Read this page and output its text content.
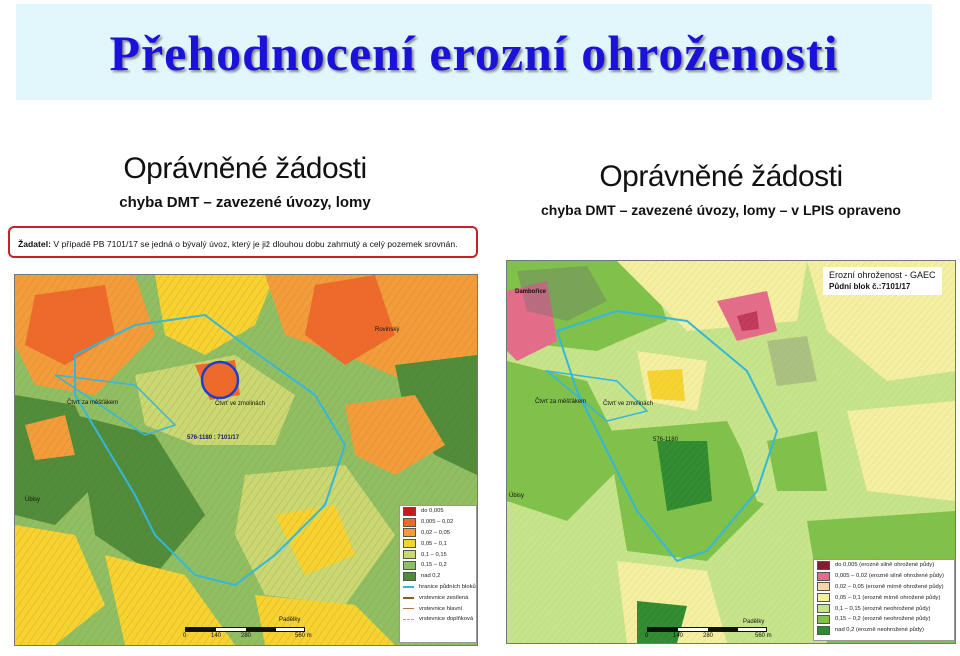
Přehodnocení erozní ohroženosti
Oprávněné žádosti
chyba DMT – zavezené úvozy, lomy
Žadatel: V případě PB 7101/17 se jedná o bývalý úvoz, který je již dlouhou dobu zahrnutý a celý pozemek srovnán.
576-1180 : 7101/17
Čtvrť za měšťákem	Čtvrť ve zmolinách
Úbisy
Padělky
Rovinský
0	140	280	560 m
do 0,005
0,005 – 0,02
0,02 – 0,05
0,05 – 0,1
0,1 – 0,15
0,15 – 0,2
nad 0,2
hranice půdních bloků
vrstevnice zesílená
vrstevnice hlavní
vrstevnice doplňková
Oprávněné žádosti
chyba DMT – zavezené úvozy, lomy – v LPIS opraveno
Dambořice
Čtvrť za měšťákem	Čtvrť ve zmolinách
Padělky
Úbisy
576-1180
0	140	280	560 m
Erozní ohroženost - GAEC
Půdní blok č.:7101/17
do 0,005 (erozně silně ohrožené půdy)
0,005 – 0,02 (erozně silně ohrožené půdy)
0,02 – 0,05 (erozně mírně ohrožené půdy)
0,05 – 0,1 (erozně mírně ohrožené půdy)
0,1 – 0,15 (erozně neohrožené půdy)
0,15 – 0,2 (erozně neohrožené půdy)
nad 0,2 (erozně neohrožené půdy)
